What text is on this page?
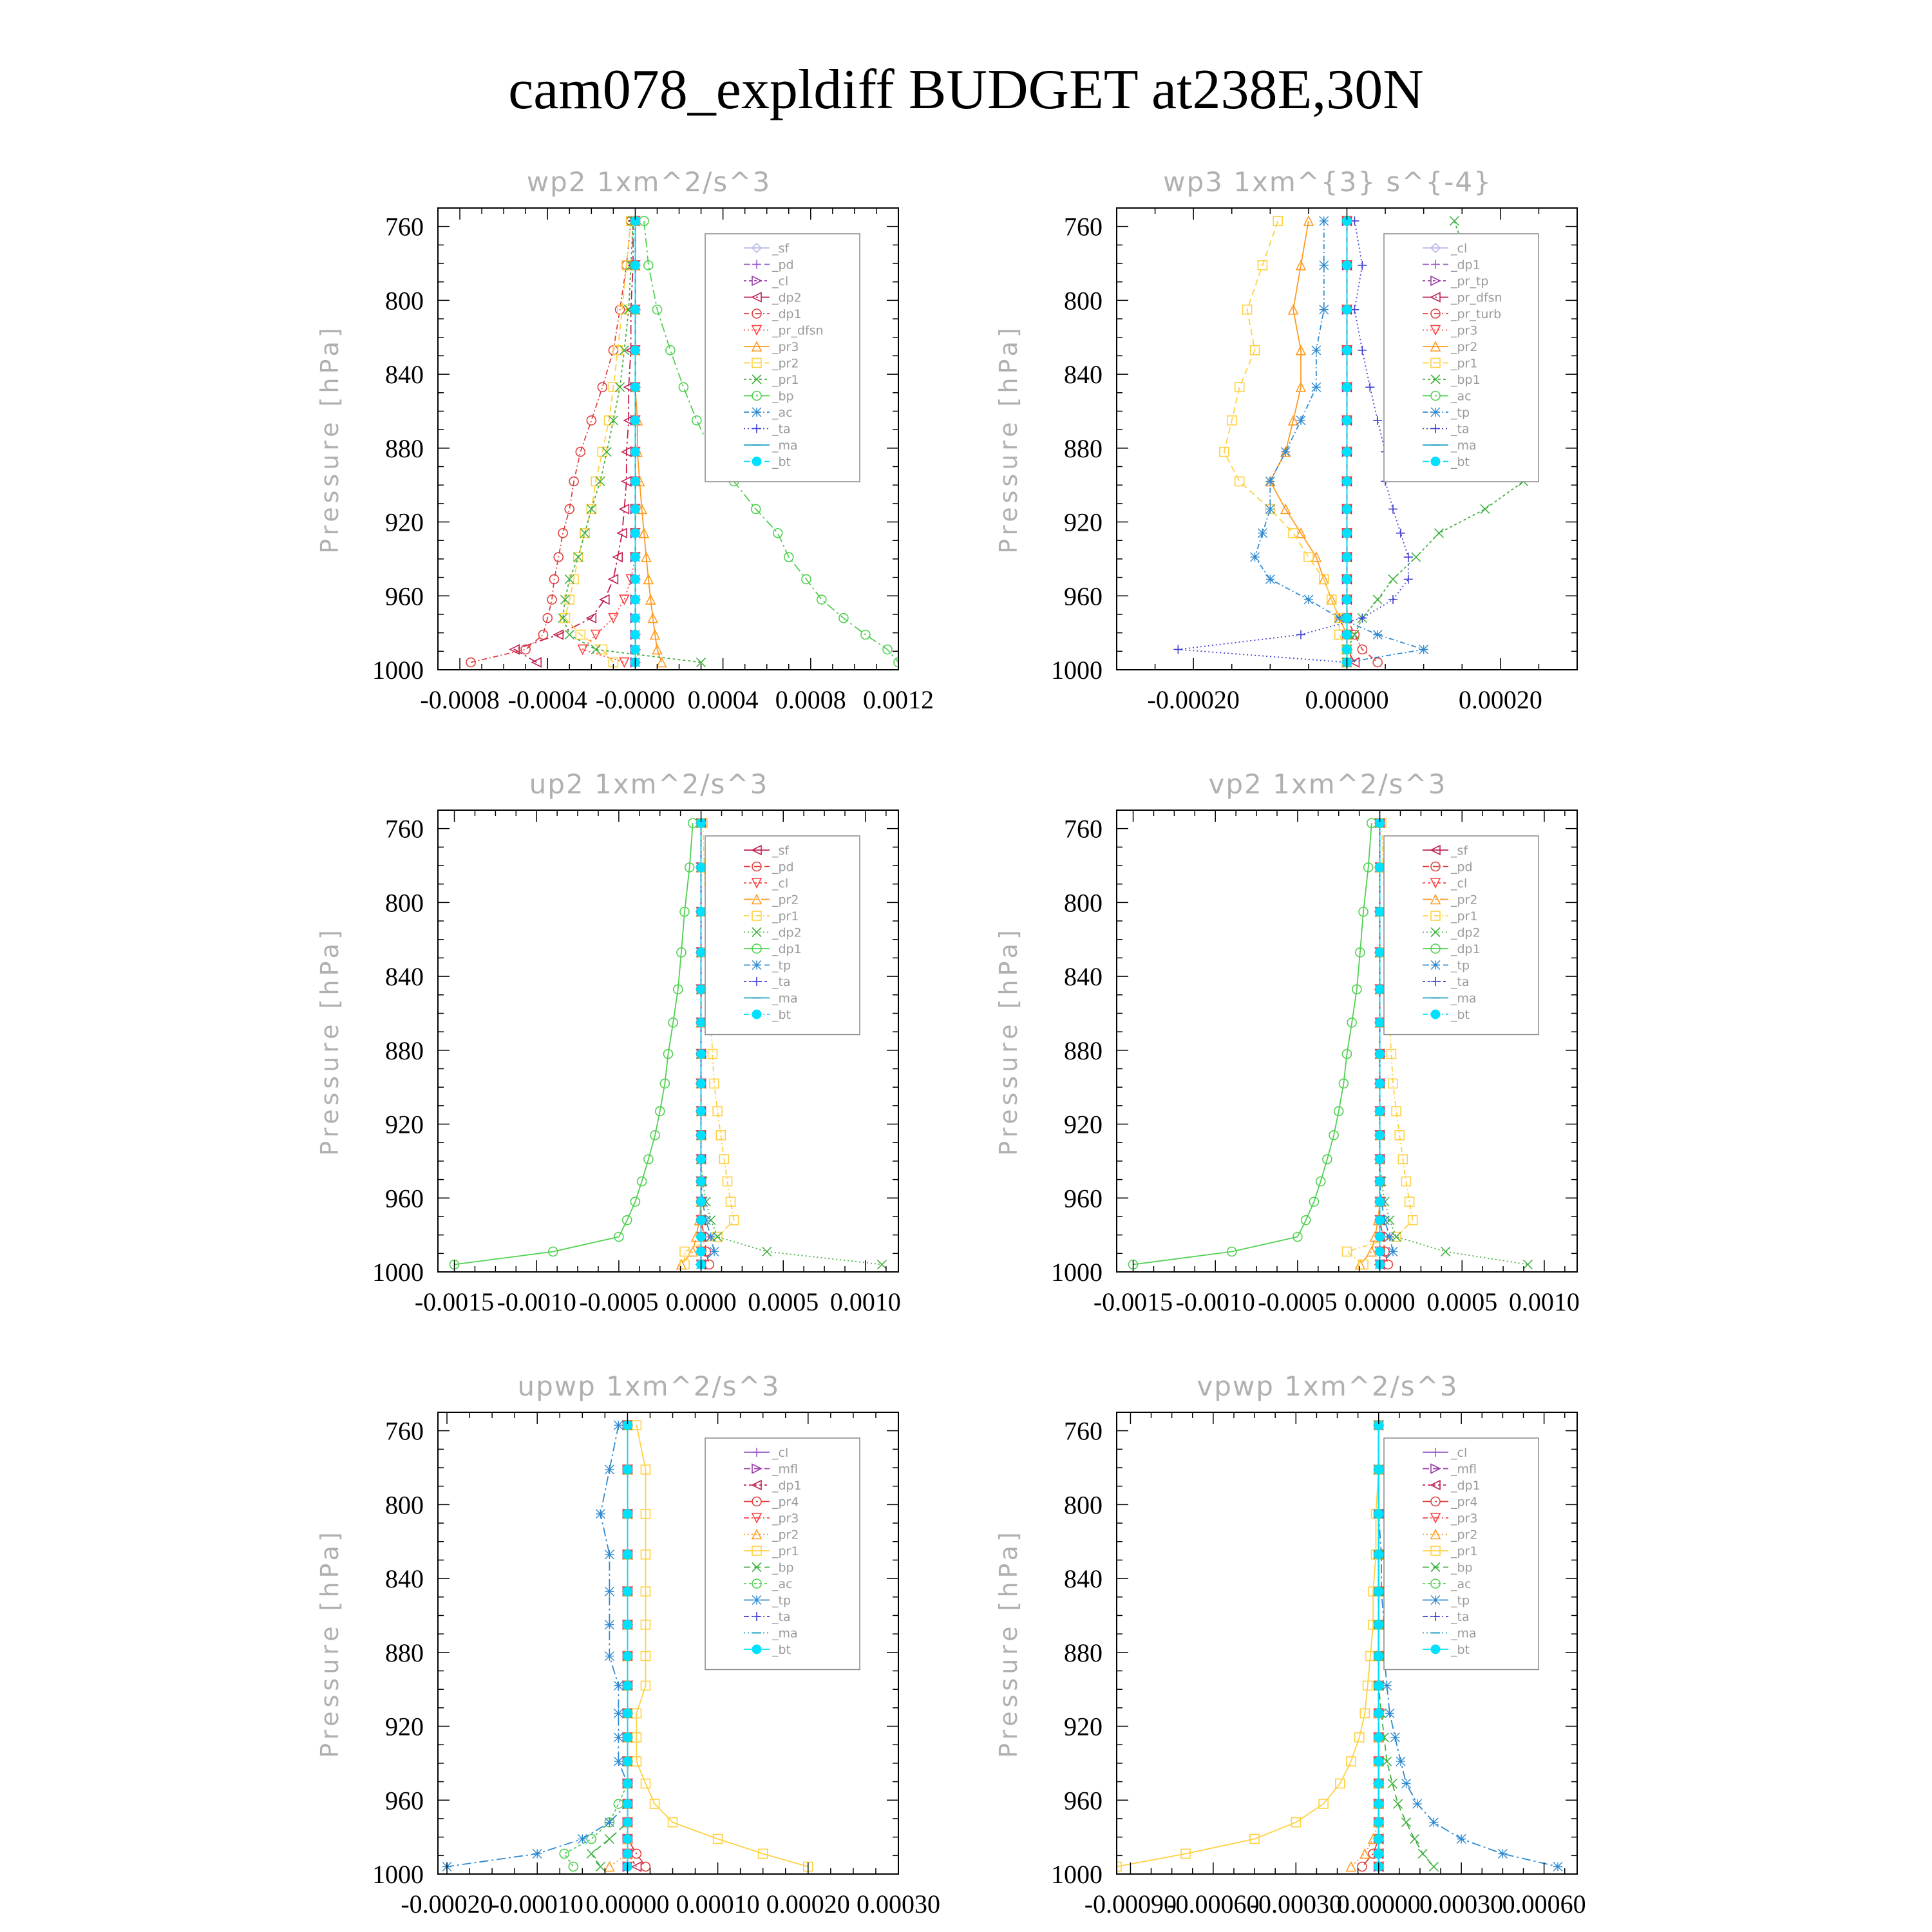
cam078_expldiff BUDGET at238E,30N
wp2 1xm^2/s^3
Pressure [hPa]
760
800
840
880
920
960
1000
-0.0008 -0.0004 -0.0000 0.0004 0.0008 0.0012
_sf
_pd
_cl
_dp2
_dp1
_pr_dfsn
_pr3
_pr2
_pr1
_bp
_ac
_ta
_ma
_bt
wp3 1xm^{3} s^{-4}
Pressure [hPa]
760
800
840
880
920
960
1000
-0.00020	0.00000	0.00020
_cl
_dp1
_pr_tp
_pr_dfsn
_pr_turb
_pr3
_pr2
_pr1
_bp1
_ac
_tp
_ta
_ma
_bt
up2 1xm^2/s^3
Pressure [hPa]
760
800
840
880
920
960
1000
-0.0015 -0.0010 -0.0005 0.0000 0.0005 0.0010
_sf
_pd
_cl
_pr2
_pr1
_dp2
_dp1
_tp
_ta
_ma
_bt
vp2 1xm^2/s^3
Pressure [hPa]
760
800
840
880
920
960
1000
-0.0015 -0.0010 -0.0005 0.0000 0.0005 0.0010
_sf
_pd
_cl
_pr2
_pr1
_dp2
_dp1
_tp
_ta
_ma
_bt
upwp 1xm^2/s^3
Pressure [hPa]
760
800
840
880
920
960
1000
-0.00020
-0.00010 0.00000 0.00010 0.00020 0.00030
_cl
_mfl
_dp1
_pr4
_pr3
_pr2
_pr1
_bp
_ac
_tp
_ta
_ma
_bt
vpwp 1xm^2/s^3
Pressure [hPa]
760
800
840
880
920
960
1000
-0.00090
-0.00060
-0.00030
0.00000
0.00030
0.00060
_cl
_mfl
_dp1
_pr4
_pr3
_pr2
_pr1
_bp
_ac
_tp
_ta
_ma
_bt
